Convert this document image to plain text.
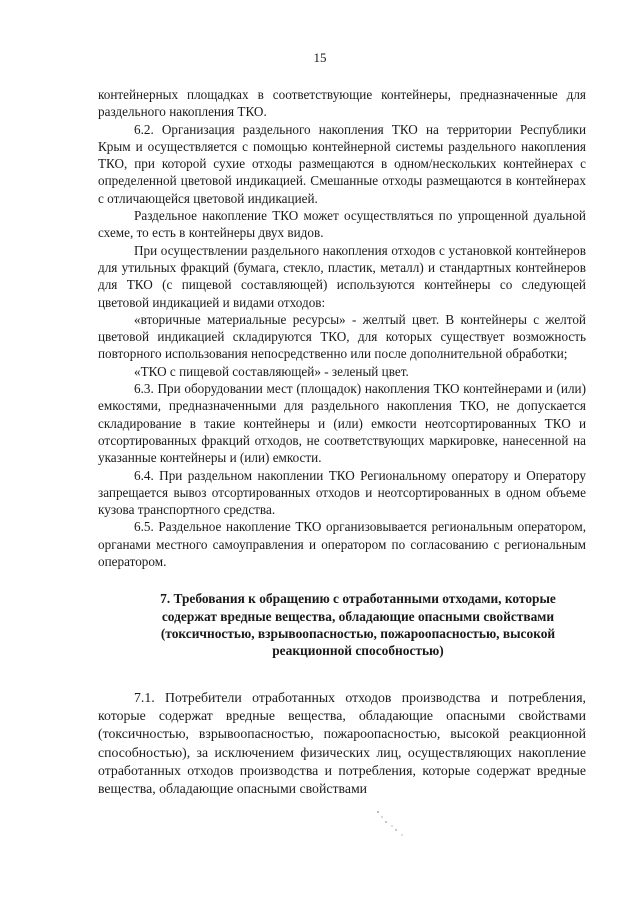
15

контейнерных площадках в соответствующие контейнеры, предназначенные для раздельного накопления ТКО.

6.2. Организация раздельного накопления ТКО на территории Республики Крым и осуществляется с помощью контейнерной системы раздельного накопления ТКО, при которой сухие отходы размещаются в одном/нескольких контейнерах с определенной цветовой индикацией. Смешанные отходы размещаются в контейнерах с отличающейся цветовой индикацией.

Раздельное накопление ТКО может осуществляться по упрощенной дуальной схеме, то есть в контейнеры двух видов.

При осуществлении раздельного накопления отходов с установкой контейнеров для утильных фракций (бумага, стекло, пластик, металл) и стандартных контейнеров для ТКО (с пищевой составляющей) используются контейнеры со следующей цветовой индикацией и видами отходов:

«вторичные материальные ресурсы» - желтый цвет. В контейнеры с желтой цветовой индикацией складируются ТКО, для которых существует возможность повторного использования непосредственно или после дополнительной обработки;

«ТКО с пищевой составляющей» - зеленый цвет.

6.3. При оборудовании мест (площадок) накопления ТКО контейнерами и (или) емкостями, предназначенными для раздельного накопления ТКО, не допускается складирование в такие контейнеры и (или) емкости неотсортированных ТКО и отсортированных фракций отходов, не соответствующих маркировке, нанесенной на указанные контейнеры и (или) емкости.

6.4. При раздельном накоплении ТКО Региональному оператору и Оператору запрещается вывоз отсортированных отходов и неотсортированных в одном объеме кузова транспортного средства.

6.5. Раздельное накопление ТКО организовывается региональным оператором, органами местного самоуправления и оператором по согласованию с региональным оператором.

7. Требования к обращению с отработанными отходами, которые содержат вредные вещества, обладающие опасными свойствами (токсичностью, взрывоопасностью, пожароопасностью, высокой реакционной способностью)

7.1. Потребители отработанных отходов производства и потребления, которые содержат вредные вещества, обладающие опасными свойствами (токсичностью, взрывоопасностью, пожароопасностью, высокой реакционной способностью), за исключением физических лиц, осуществляющих накопление отработанных отходов производства и потребления, которые содержат вредные вещества, обладающие опасными свойствами
